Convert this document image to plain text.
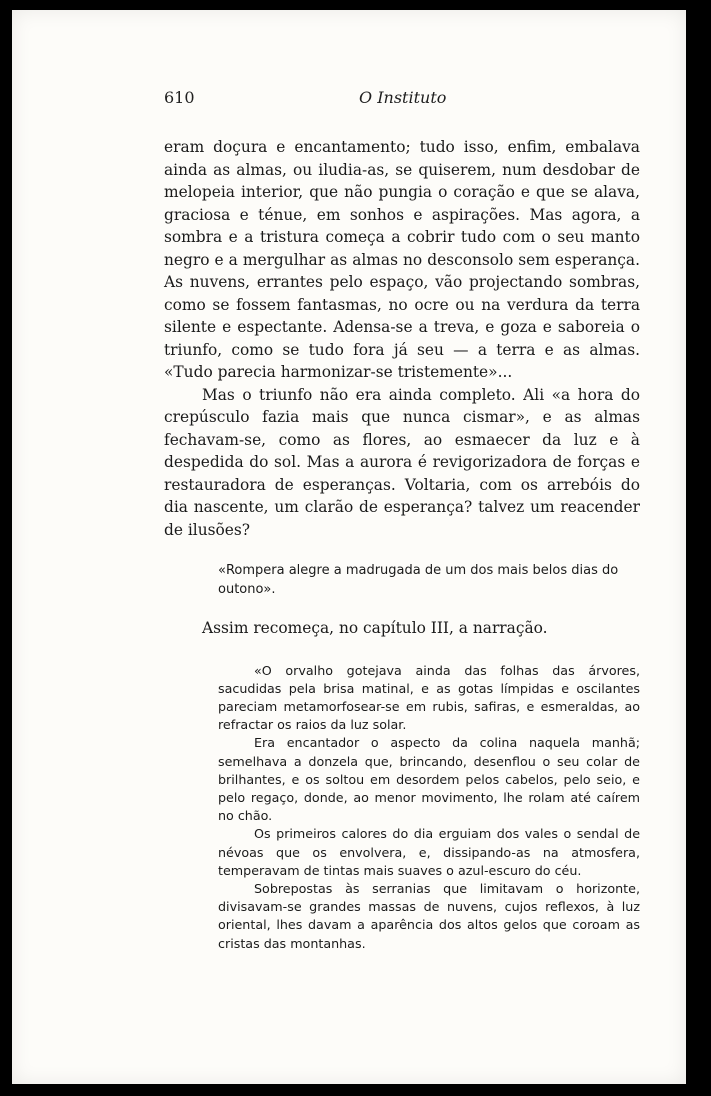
610	O Instituto

eram doçura e encantamento; tudo isso, enfim, embalava ainda as almas, ou iludia-as, se quiserem, num desdobar de melopeia interior, que não pungia o coração e que se alava, graciosa e ténue, em sonhos e aspirações. Mas agora, a sombra e a tristura começa a cobrir tudo com o seu manto negro e a mergulhar as almas no desconsolo sem esperança. As nuvens, errantes pelo espaço, vão projectando sombras, como se fossem fantasmas, no ocre ou na verdura da terra silente e espectante. Adensa-se a treva, e goza e saboreia o triunfo, como se tudo fora já seu — a terra e as almas. «Tudo parecia harmonizar-se tristemente»...

Mas o triunfo não era ainda completo. Ali «a hora do crepúsculo fazia mais que nunca cismar», e as almas fechavam-se, como as flores, ao esmaecer da luz e à despedida do sol. Mas a aurora é revigorizadora de forças e restauradora de esperanças. Voltaria, com os arrebóis do dia nascente, um clarão de esperança? talvez um reacender de ilusões?

«Rompera alegre a madrugada de um dos mais belos dias do outono».
Assim recomeça, no capítulo III, a narração.

«O orvalho gotejava ainda das folhas das árvores, sacudidas pela brisa matinal, e as gotas límpidas e oscilantes pareciam metamorfosear-se em rubis, safiras, e esmeraldas, ao refractar os raios da luz solar.

Era encantador o aspecto da colina naquela manhã; semelhava a donzela que, brincando, desenflou o seu colar de brilhantes, e os soltou em desordem pelos cabelos, pelo seio, e pelo regaço, donde, ao menor movimento, lhe rolam até caírem no chão.

Os primeiros calores do dia erguiam dos vales o sendal de névoas que os envolvera, e, dissipando-as na atmosfera, temperavam de tintas mais suaves o azul-escuro do céu.

Sobrepostas às serranias que limitavam o horizonte, divisavam-se grandes massas de nuvens, cujos reflexos, à luz oriental, lhes davam a aparência dos altos gelos que coroam as cristas das montanhas.
